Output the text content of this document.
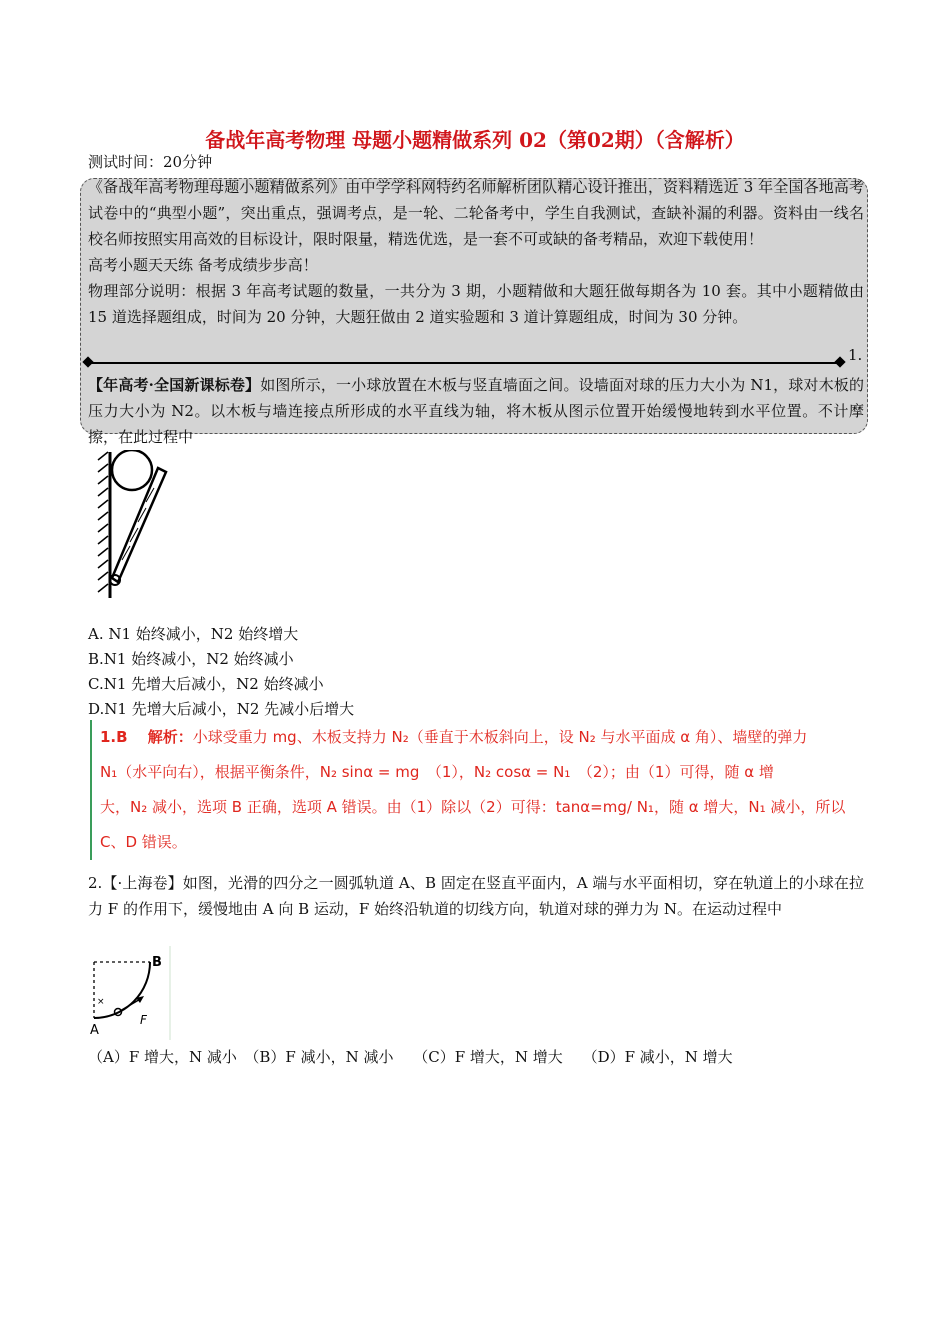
备战年高考物理 母题小题精做系列 02（第02期）（含解析）
测试时间：20分钟
《备战年高考物理母题小题精做系列》由中学学科网特约名师解析团队精心设计推出，资料精选近 3 年全国各地高考试卷中的“典型小题”，突出重点，强调考点，是一轮、二轮备考中，学生自我测试，查缺补漏的利器。资料由一线名校名师按照实用高效的目标设计，限时限量，精选优选，是一套不可或缺的备考精品，欢迎下载使用！
高考小题天天练 备考成绩步步高！
物理部分说明：根据 3 年高考试题的数量，一共分为 3 期，小题精做和大题狂做每期各为 10 套。其中小题精做由 15 道选择题组成，时间为 20 分钟，大题狂做由 2 道实验题和 3 道计算题组成，时间为 30 分钟。
1.
【年高考·全国新课标卷】如图所示，一小球放置在木板与竖直墙面之间。设墙面对球的压力大小为 N1，球对木板的压力大小为 N2。以木板与墙连接点所形成的水平直线为轴，将木板从图示位置开始缓慢地转到水平位置。不计摩擦，在此过程中
A. N1 始终减小，N2 始终增大
B.N1 始终减小，N2 始终减小
C.N1 先增大后减小，N2 始终减小
D.N1 先增大后减小，N2 先减小后增大
1.B　 解析：小球受重力 mg、木板支持力 N₂（垂直于木板斜向上，设 N₂ 与水平面成 α 角）、墙壁的弹力
N₁（水平向右），根据平衡条件，N₂ sinα = mg　（1），N₂ cosα = N₁　（2）；由（1）可得，随 α 增
大，N₂ 减小，选项 B 正确，选项 A 错误。由（1）除以（2）可得：tanα=mg/ N₁，随 α 增大，N₁ 减小，所以
C、D 错误。
2.【·上海卷】如图，光滑的四分之一圆弧轨道 A、B 固定在竖直平面内，A 端与水平面相切，穿在轨道上的小球在拉力 F 的作用下，缓慢地由 A 向 B 运动，F 始终沿轨道的切线方向，轨道对球的弹力为 N。在运动过程中
×
A
B
F
（A）F 增大，N 减小　（B）F 减小，N 减小　 （C）F 增大，N 增大　 （D）F 减小，N 增大
